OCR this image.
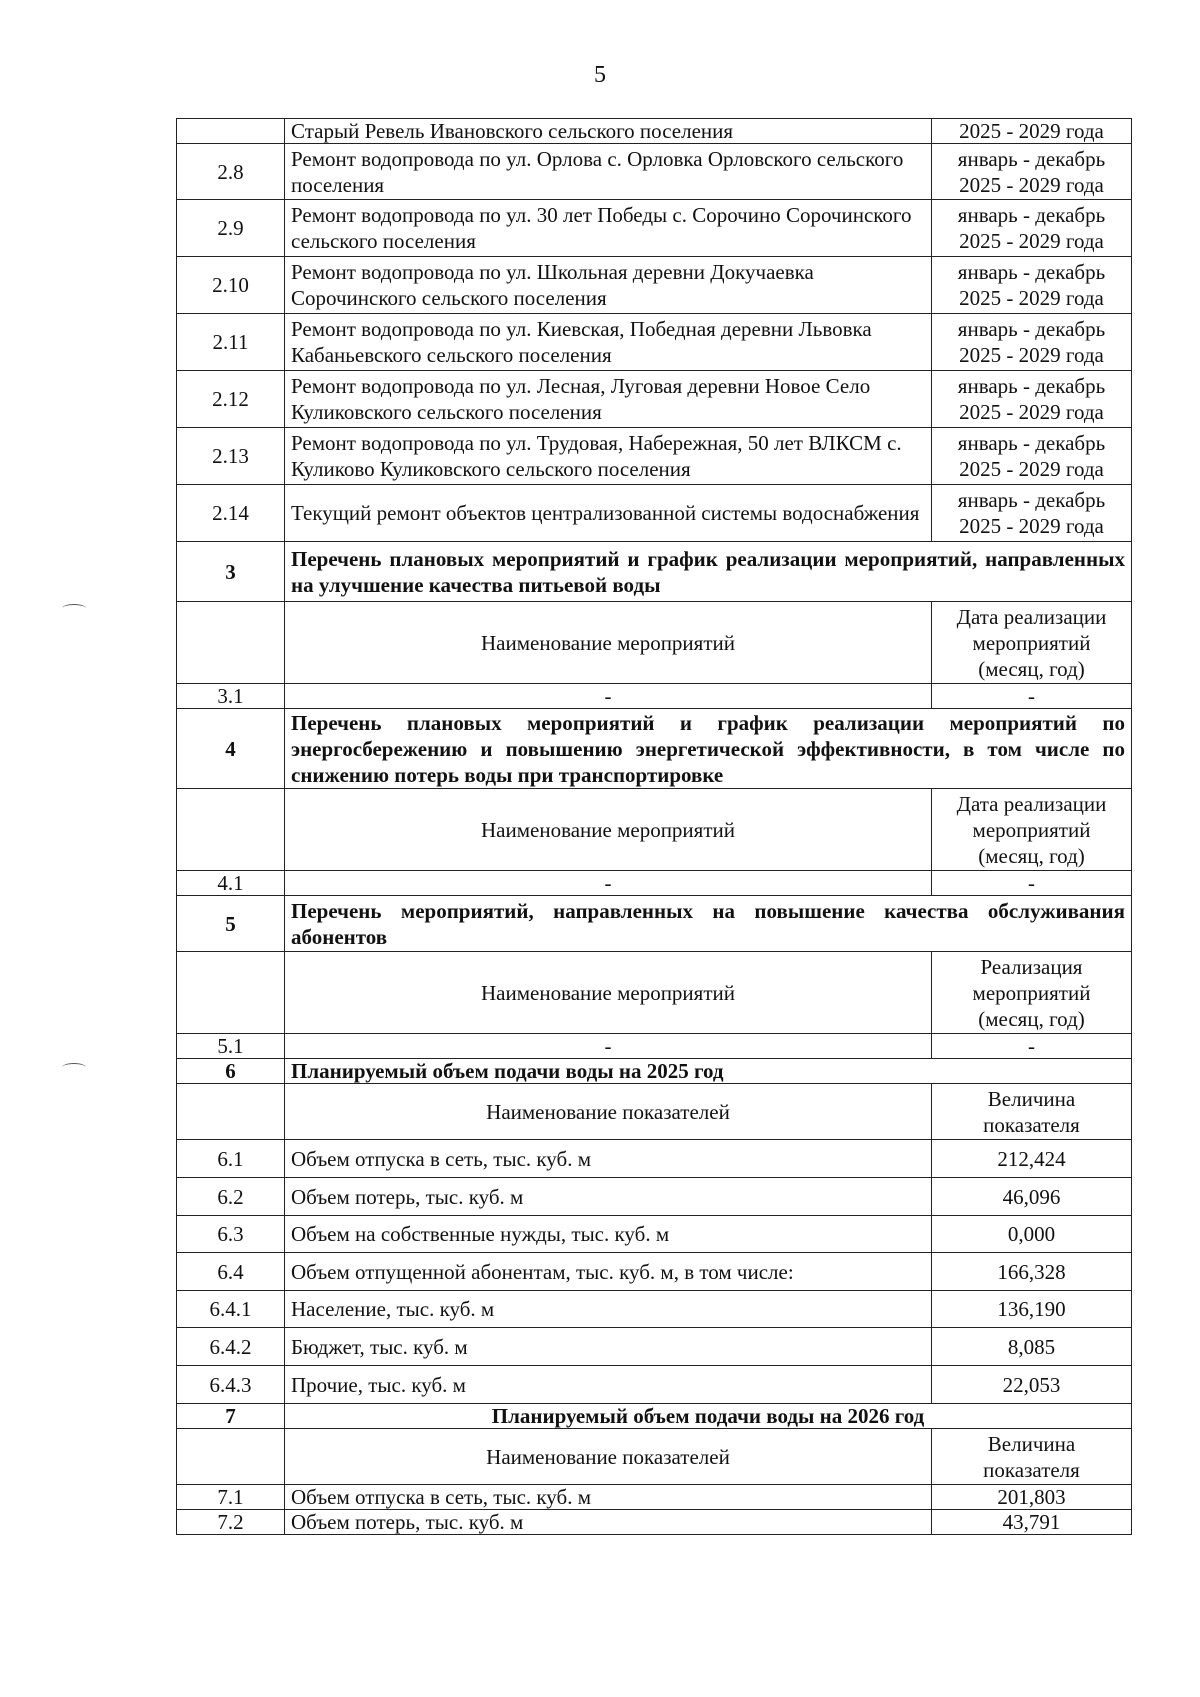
5
	Старый Ревель Ивановского сельского поселения	2025 - 2029 года
2.8	Ремонт водопровода по ул. Орлова с. Орловка Орловского сельского поселения	январь - декабрь 2025 - 2029 года
2.9	Ремонт водопровода по ул. 30 лет Победы с. Сорочино Сорочинского сельского поселения	январь - декабрь 2025 - 2029 года
2.10	Ремонт водопровода по ул. Школьная деревни Докучаевка Сорочинского сельского поселения	январь - декабрь 2025 - 2029 года
2.11	Ремонт водопровода по ул. Киевская, Победная деревни Львовка Кабаньевского сельского поселения	январь - декабрь 2025 - 2029 года
2.12	Ремонт водопровода по ул. Лесная, Луговая деревни Новое Село Куликовского сельского поселения	январь - декабрь 2025 - 2029 года
2.13	Ремонт водопровода по ул. Трудовая, Набережная, 50 лет ВЛКСМ с. Куликово Куликовского сельского поселения	январь - декабрь 2025 - 2029 года
2.14	Текущий ремонт объектов централизованной системы водоснабжения	январь - декабрь 2025 - 2029 года
3	Перечень плановых мероприятий и график реализации мероприятий, направленных на улучшение качества питьевой воды	
	Наименование мероприятий	Дата реализации мероприятий (месяц, год)
3.1	-	-
4	Перечень плановых мероприятий и график реализации мероприятий по энергосбережению и повышению энергетической эффективности, в том числе по снижению потерь воды при транспортировке	
	Наименование мероприятий	Дата реализации мероприятий (месяц, год)
4.1	-	-
5	Перечень мероприятий, направленных на повышение качества обслуживания абонентов	
	Наименование мероприятий	Реализация мероприятий (месяц, год)
5.1	-	-
6	Планируемый объем подачи воды на 2025 год	
	Наименование показателей	Величина показателя
6.1	Объем отпуска в сеть, тыс. куб. м	212,424
6.2	Объем потерь, тыс. куб. м	46,096
6.3	Объем на собственные нужды, тыс. куб. м	0,000
6.4	Объем отпущенной абонентам, тыс. куб. м, в том числе:	166,328
6.4.1	Население, тыс. куб. м	136,190
6.4.2	Бюджет, тыс. куб. м	8,085
6.4.3	Прочие, тыс. куб. м	22,053
7	Планируемый объем подачи воды на 2026 год	
	Наименование показателей	Величина показателя
7.1	Объем отпуска в сеть, тыс. куб. м	201,803
7.2	Объем потерь, тыс. куб. м	43,791
